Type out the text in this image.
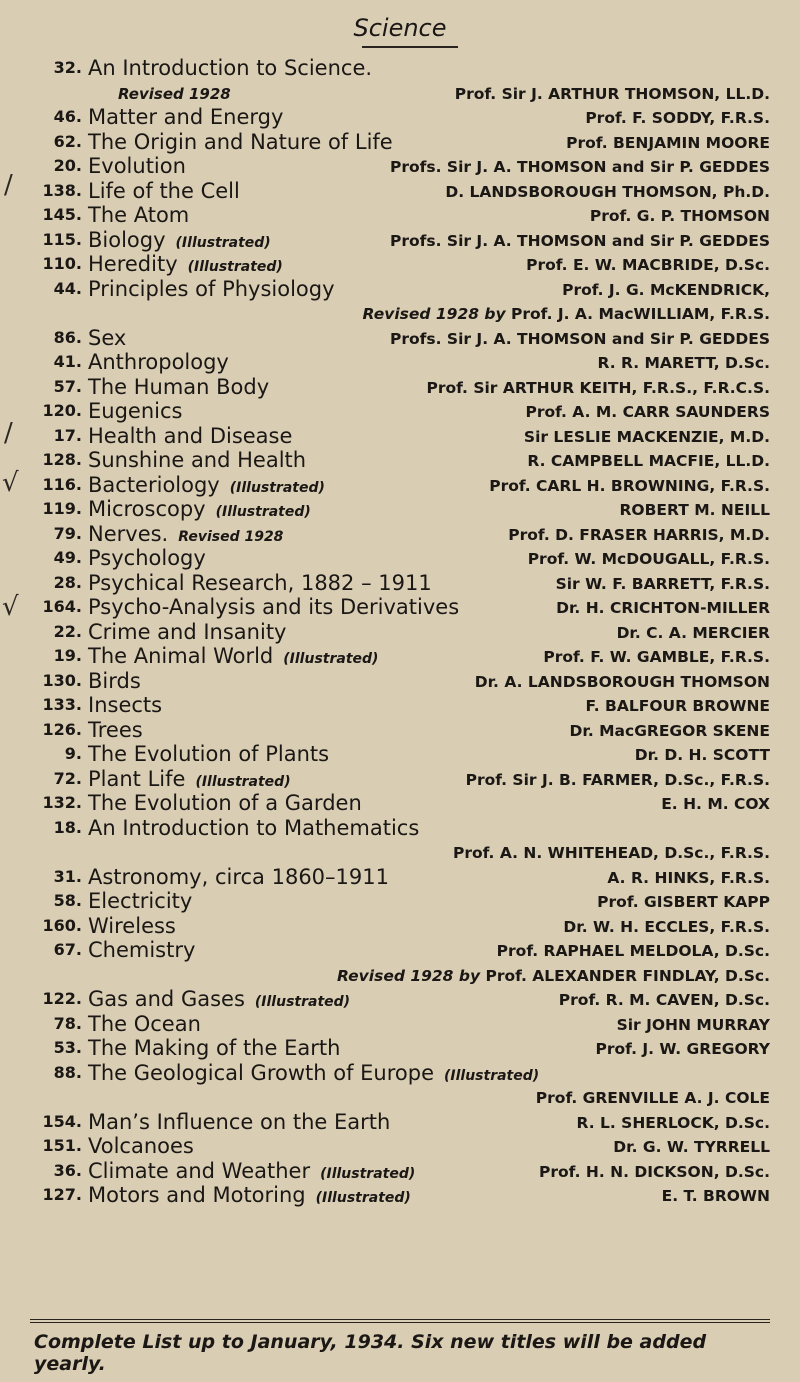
Science
32. An Introduction to Science.
Revised 1928	Prof. Sir J. ARTHUR THOMSON, LL.D.
46. Matter and Energy	Prof. F. SODDY, F.R.S.
62. The Origin and Nature of Life	Prof. BENJAMIN MOORE
20. Evolution	Profs. Sir J. A. THOMSON and Sir P. GEDDES
138. Life of the Cell	D. LANDSBOROUGH THOMSON, Ph.D.
145. The Atom	Prof. G. P. THOMSON
115. Biology (Illustrated)	Profs. Sir J. A. THOMSON and Sir P. GEDDES
110. Heredity (Illustrated)	Prof. E. W. MACBRIDE, D.Sc.
44. Principles of Physiology	Prof. J. G. McKENDRICK,
Revised 1928 by Prof. J. A. MacWILLIAM, F.R.S.
86. Sex	Profs. Sir J. A. THOMSON and Sir P. GEDDES
41. Anthropology	R. R. MARETT, D.Sc.
57. The Human Body	Prof. Sir ARTHUR KEITH, F.R.S., F.R.C.S.
120. Eugenics	Prof. A. M. CARR SAUNDERS
17. Health and Disease	Sir LESLIE MACKENZIE, M.D.
128. Sunshine and Health	R. CAMPBELL MACFIE, LL.D.
116. Bacteriology (Illustrated)	Prof. CARL H. BROWNING, F.R.S.
119. Microscopy (Illustrated)	ROBERT M. NEILL
79. Nerves. Revised 1928	Prof. D. FRASER HARRIS, M.D.
49. Psychology	Prof. W. McDOUGALL, F.R.S.
28. Psychical Research, 1882 – 1911	Sir W. F. BARRETT, F.R.S.
164. Psycho-Analysis and its Derivatives	Dr. H. CRICHTON-MILLER
22. Crime and Insanity	Dr. C. A. MERCIER
19. The Animal World (Illustrated)	Prof. F. W. GAMBLE, F.R.S.
130. Birds	Dr. A. LANDSBOROUGH THOMSON
133. Insects	F. BALFOUR BROWNE
126. Trees	Dr. MacGREGOR SKENE
9. The Evolution of Plants	Dr. D. H. SCOTT
72. Plant Life (Illustrated)	Prof. Sir J. B. FARMER, D.Sc., F.R.S.
132. The Evolution of a Garden	E. H. M. COX
18. An Introduction to Mathematics
Prof. A. N. WHITEHEAD, D.Sc., F.R.S.
31. Astronomy, circa 1860–1911	A. R. HINKS, F.R.S.
58. Electricity	Prof. GISBERT KAPP
160. Wireless	Dr. W. H. ECCLES, F.R.S.
67. Chemistry	Prof. RAPHAEL MELDOLA, D.Sc.
Revised 1928 by Prof. ALEXANDER FINDLAY, D.Sc.
122. Gas and Gases (Illustrated)	Prof. R. M. CAVEN, D.Sc.
78. The Ocean	Sir JOHN MURRAY
53. The Making of the Earth	Prof. J. W. GREGORY
88. The Geological Growth of Europe (Illustrated)
Prof. GRENVILLE A. J. COLE
154. Man’s Influence on the Earth	R. L. SHERLOCK, D.Sc.
151. Volcanoes	Dr. G. W. TYRRELL
36. Climate and Weather (Illustrated)	Prof. H. N. DICKSON, D.Sc.
127. Motors and Motoring (Illustrated)	E. T. BROWN
/
/
√
√
Complete List up to January, 1934. Six new titles will be added yearly.
